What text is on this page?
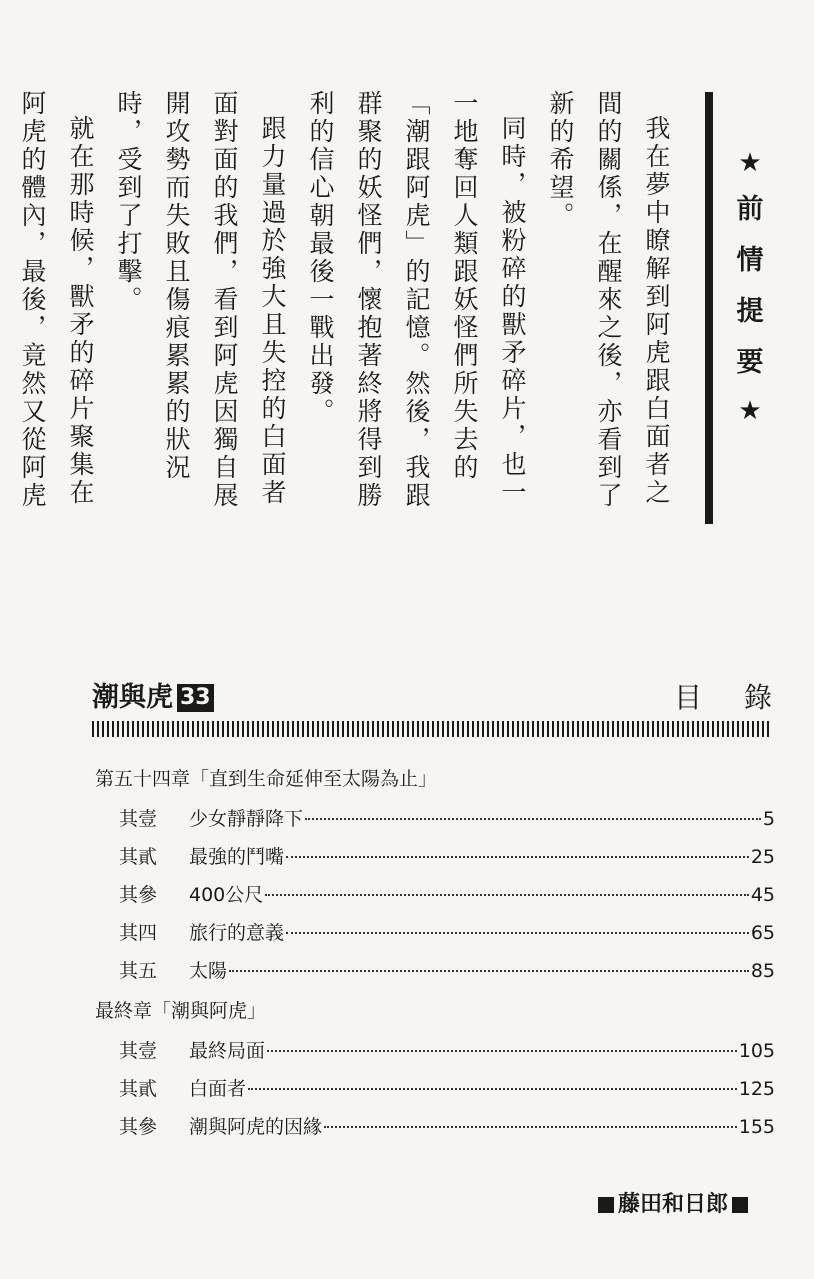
★
前
情
提
要
★

我在夢中瞭解到阿虎跟白面者之間的關係，在醒來之後，亦看到了新的希望。

同時，被粉碎的獸矛碎片，也一一地奪回人類跟妖怪們所失去的「潮跟阿虎」的記憶。然後，我跟群聚的妖怪們，懷抱著終將得到勝利的信心朝最後一戰出發。

跟力量過於強大且失控的白面者面對面的我們，看到阿虎因獨自展開攻勢而失敗且傷痕累累的狀況時，受到了打擊。

就在那時候，獸矛的碎片聚集在阿虎的體內，最後，竟然又從阿虎

潮與虎 33	目錄
第五十四章「直到生命延伸至太陽為止」
其壹	少女靜靜降下	5
其貳	最強的鬥嘴	25
其參	400公尺	45
其四	旅行的意義	65
其五	太陽	85
最終章「潮與阿虎」
其壹	最終局面	105
其貳	白面者	125
其參	潮與阿虎的因緣	155
藤田和日郎
